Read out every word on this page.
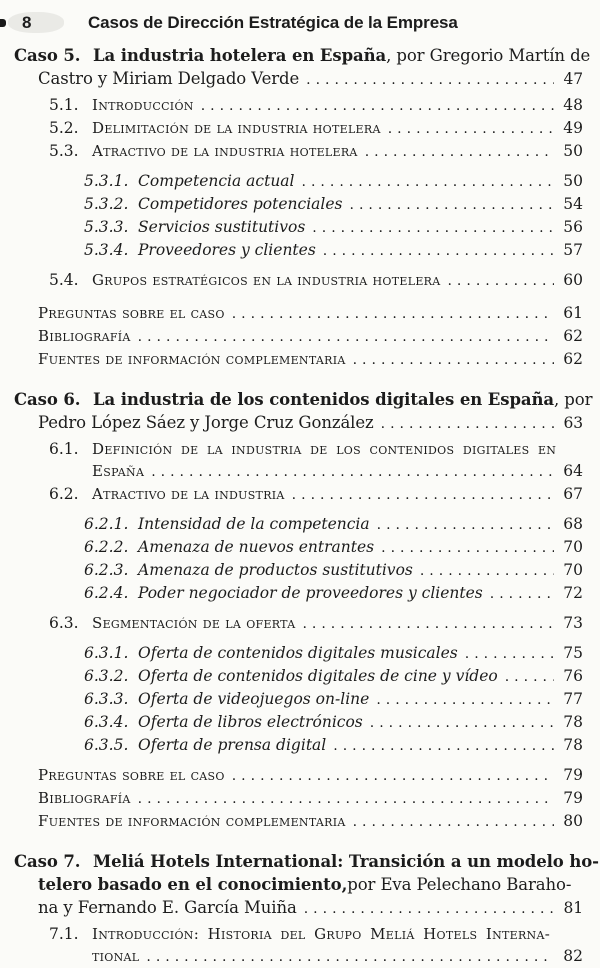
8	Casos de Dirección Estratégica de la Empresa
Caso 5. La industria hotelera en España , por Gregorio Martín de
Castro y Miriam Delgado Verde .....	47
5.1. Introducción .....	48
5.2. Delimitación de la industria hotelera .....	49
5.3. Atractivo de la industria hotelera .....	50
5.3.1. Competencia actual .....	50
5.3.2. Competidores potenciales .....	54
5.3.3. Servicios sustitutivos .....	56
5.3.4. Proveedores y clientes .....	57
5.4. Grupos estratégicos en la industria hotelera .....	60
Preguntas sobre el caso .....	61
Bibliografía .....	62
Fuentes de información complementaria .....	62
Caso 6. La industria de los contenidos digitales en España , por
Pedro López Sáez y Jorge Cruz González .....	63
6.1. Definición de la industria de los contenidos digitales en
España .....	64
6.2. Atractivo de la industria .....	67
6.2.1. Intensidad de la competencia .....	68
6.2.2. Amenaza de nuevos entrantes .....	70
6.2.3. Amenaza de productos sustitutivos .....	70
6.2.4. Poder negociador de proveedores y clientes .....	72
6.3. Segmentación de la oferta .....	73
6.3.1. Oferta de contenidos digitales musicales .....	75
6.3.2. Oferta de contenidos digitales de cine y vídeo .....	76
6.3.3. Oferta de videojuegos on-line .....	77
6.3.4. Oferta de libros electrónicos .....	78
6.3.5. Oferta de prensa digital .....	78
Preguntas sobre el caso .....	79
Bibliografía .....	79
Fuentes de información complementaria .....	80
Caso 7. Meliá Hotels International: Transición a un modelo ho-
telero basado en el conocimiento, por Eva Pelechano Baraho-
na y Fernando E. García Muiña .....	81
7.1. Introducción: Historia del Grupo Meliá Hotels Interna-
tional .....	82
